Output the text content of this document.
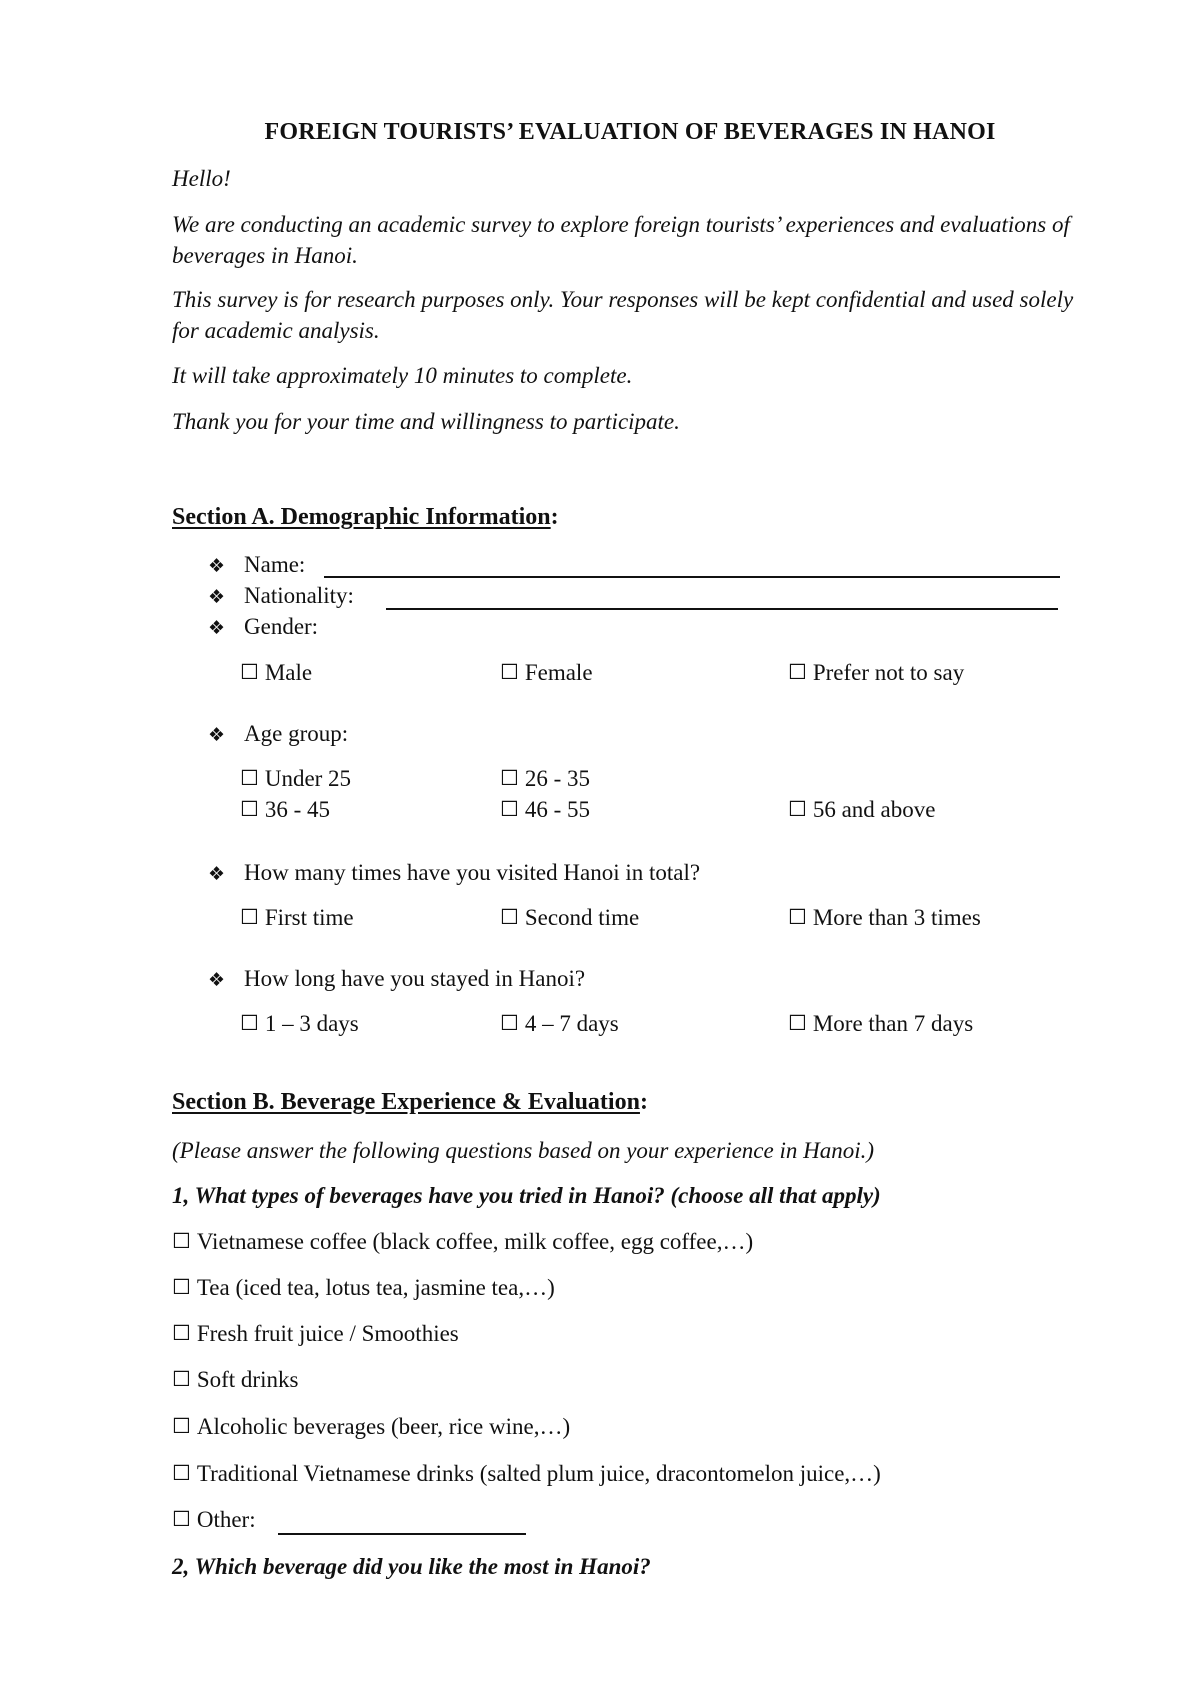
FOREIGN TOURISTS’ EVALUATION OF BEVERAGES IN HANOI
Hello!
We are conducting an academic survey to explore foreign tourists’ experiences and evaluations of beverages in Hanoi.
This survey is for research purposes only. Your responses will be kept confidential and used solely for academic analysis.
It will take approximately 10 minutes to complete.
Thank you for your time and willingness to participate.
Section A. Demographic Information:
❖ Name:
❖ Nationality:
❖ Gender:
☐ Male	☐ Female	☐ Prefer not to say
❖ Age group:
☐ Under 25	☐ 26 - 35
☐ 36 - 45	☐ 46 - 55	☐ 56 and above
❖ How many times have you visited Hanoi in total?
☐ First time	☐ Second time	☐ More than 3 times
❖ How long have you stayed in Hanoi?
☐ 1 – 3 days	☐ 4 – 7 days	☐ More than 7 days
Section B. Beverage Experience & Evaluation:
(Please answer the following questions based on your experience in Hanoi.)
1, What types of beverages have you tried in Hanoi? (choose all that apply)
☐ Vietnamese coffee (black coffee, milk coffee, egg coffee,…)
☐ Tea (iced tea, lotus tea, jasmine tea,…)
☐ Fresh fruit juice / Smoothies
☐ Soft drinks
☐ Alcoholic beverages (beer, rice wine,…)
☐ Traditional Vietnamese drinks (salted plum juice, dracontomelon juice,…)
☐ Other:
2, Which beverage did you like the most in Hanoi?
